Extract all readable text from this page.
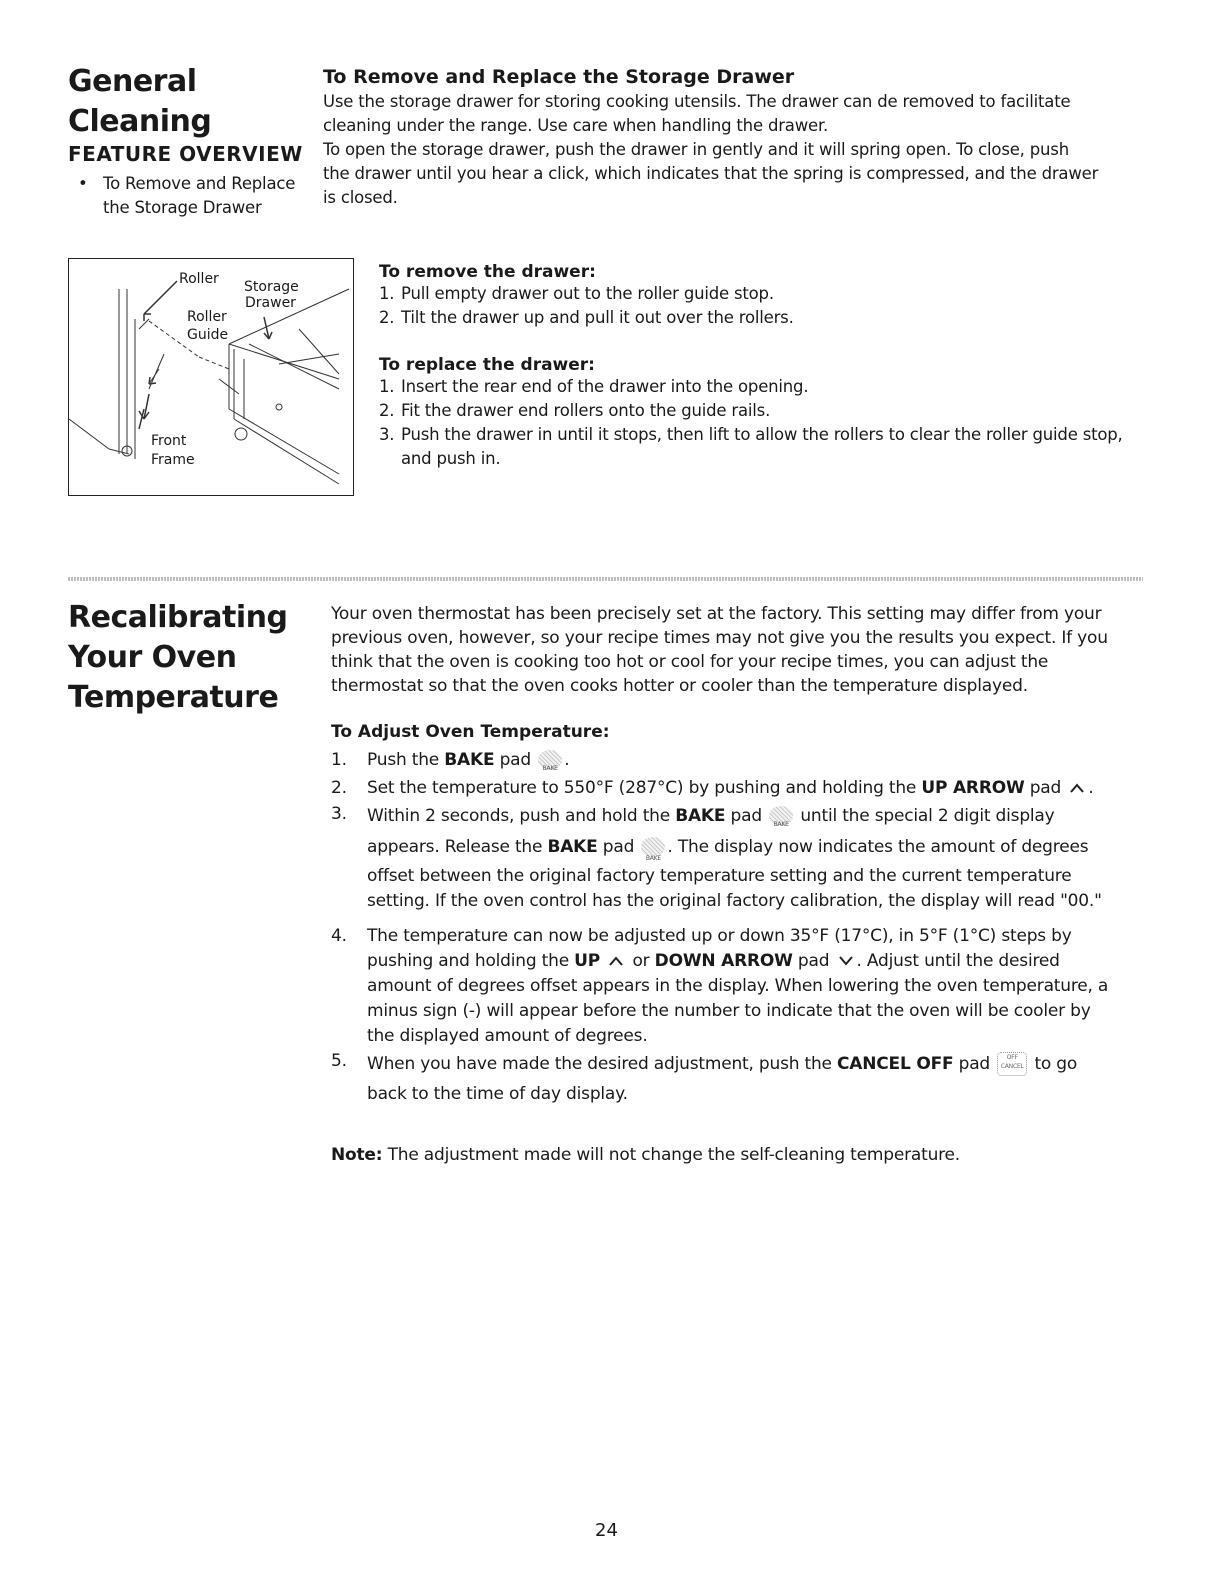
General
Cleaning
FEATURE OVERVIEW
• To Remove and Replace the Storage Drawer
To Remove and Replace the Storage Drawer

Use the storage drawer for storing cooking utensils. The drawer can de removed to facilitate

cleaning under the range. Use care when handling the drawer.

To open the storage drawer, push the drawer in gently and it will spring open. To close, push

the drawer until you hear a click, which indicates that the spring is compressed, and the drawer

is closed.

Roller Storage
Drawer
Roller
Guide
Front
Frame
To remove the drawer:
1. Pull empty drawer out to the roller guide stop.
2. Tilt the drawer up and pull it out over the rollers.
To replace the drawer:
1. Insert the rear end of the drawer into the opening.
2. Fit the drawer end rollers onto the guide rails.
3. Push the drawer in until it stops, then lift to allow the rollers to clear the roller guide stop, and push in.
Recalibrating
Your Oven
Temperature

Your oven thermostat has been precisely set at the factory. This setting may differ from your

previous oven, however, so your recipe times may not give you the results you expect. If you

think that the oven is cooking too hot or cool for your recipe times, you can adjust the

thermostat so that the oven cooks hotter or cooler than the temperature displayed.

To Adjust Oven Temperature:
1.	Push the BAKE pad	BAKE .
2.	Set the temperature to 550°F (287°C) by pushing and holding the UP ARROW pad .
3.	Within 2 seconds, push and hold the BAKE pad	BAKE until the special 2 digit display
appears. Release the BAKE pad
BAKE
. The display now indicates the amount of degrees
offset between the original factory temperature setting and the current temperature
setting. If the oven control has the original factory calibration, the display will read "00."
4.	The temperature can now be adjusted up or down 35°F (17°C), in 5°F (1°C) steps by
pushing and holding the UP  or DOWN ARROW pad . Adjust until the desired
amount of degrees offset appears in the display. When lowering the oven temperature, a
minus sign (-) will appear before the number to indicate that the oven will be cooler by
the displayed amount of degrees.
5.	When you have made the desired adjustment, push the CANCEL OFF pad	OFF
CANCEL to go
back to the time of day display.

Note: The adjustment made will not change the self-cleaning temperature.

24
